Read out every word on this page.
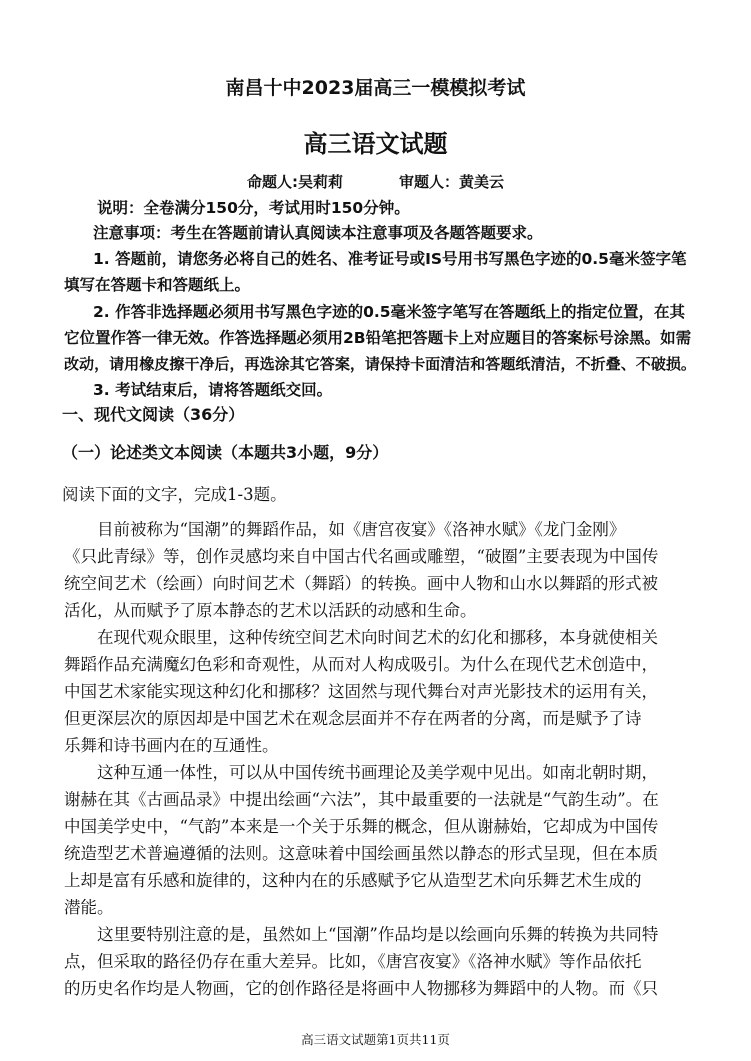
南昌十中2023届高三一模模拟考试
高三语文试题
命题人:吴莉莉	审题人：黄美云
说明：全卷满分150分，考试用时150分钟。
注意事项：考生在答题前请认真阅读本注意事项及各题答题要求。
1. 答题前，请您务必将自己的姓名、准考证号或IS号用书写黑色字迹的0.5毫米签字笔
填写在答题卡和答题纸上。
2. 作答非选择题必须用书写黑色字迹的0.5毫米签字笔写在答题纸上的指定位置，在其
它位置作答一律无效。作答选择题必须用2B铅笔把答题卡上对应题目的答案标号涂黑。如需
改动，请用橡皮擦干净后，再选涂其它答案，请保持卡面清洁和答题纸清洁，不折叠、不破损。
3. 考试结束后，请将答题纸交回。
一、现代文阅读（36分）
（一）论述类文本阅读（本题共3小题，9分）
阅读下面的文字，完成1-3题。
目前被称为“国潮”的舞蹈作品，如《唐宫夜宴》《洛神水赋》《龙门金刚》
《只此青绿》等，创作灵感均来自中国古代名画或雕塑，“破圈”主要表现为中国传
统空间艺术（绘画）向时间艺术（舞蹈）的转换。画中人物和山水以舞蹈的形式被
活化，从而赋予了原本静态的艺术以活跃的动感和生命。
在现代观众眼里，这种传统空间艺术向时间艺术的幻化和挪移，本身就使相关
舞蹈作品充满魔幻色彩和奇观性，从而对人构成吸引。为什么在现代艺术创造中，
中国艺术家能实现这种幻化和挪移？这固然与现代舞台对声光影技术的运用有关，
但更深层次的原因却是中国艺术在观念层面并不存在两者的分离，而是赋予了诗
乐舞和诗书画内在的互通性。
这种互通一体性，可以从中国传统书画理论及美学观中见出。如南北朝时期，
谢赫在其《古画品录》中提出绘画“六法”，其中最重要的一法就是“气韵生动”。在
中国美学史中，“气韵”本来是一个关于乐舞的概念，但从谢赫始，它却成为中国传
统造型艺术普遍遵循的法则。这意味着中国绘画虽然以静态的形式呈现，但在本质
上却是富有乐感和旋律的，这种内在的乐感赋予它从造型艺术向乐舞艺术生成的
潜能。
这里要特别注意的是，虽然如上“国潮”作品均是以绘画向乐舞的转换为共同特
点，但采取的路径仍存在重大差异。比如，《唐宫夜宴》《洛神水赋》等作品依托
的历史名作均是人物画，它的创作路径是将画中人物挪移为舞蹈中的人物。而《只
高三语文试题第1页共11页
